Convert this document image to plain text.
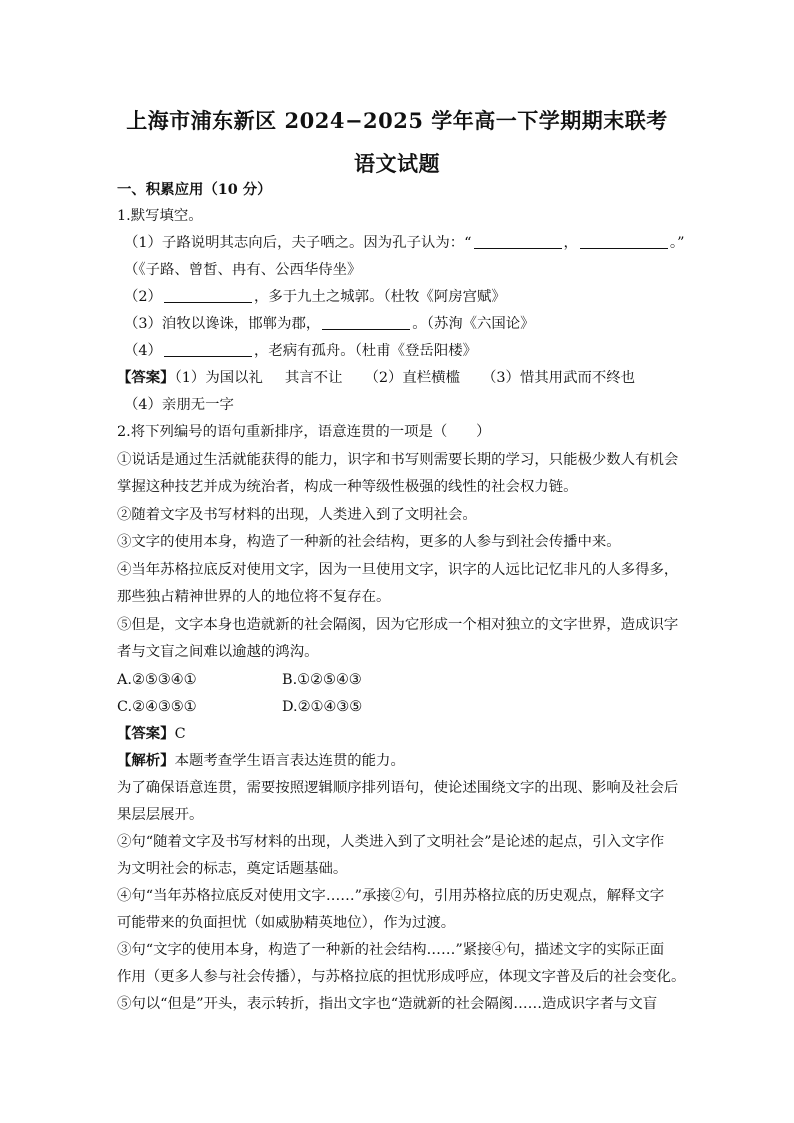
上海市浦东新区 2024−2025 学年高一下学期期末联考
语文试题
一、积累应用（10 分）
1.默写填空。
（1）子路说明其志向后，夫子哂之。因为孔子认为：“	，	。”
（《子路、曾皙、冉有、公西华侍坐》
（2）	，多于九土之城郭。（杜牧《阿房宫赋》
（3）洎牧以谗诛，邯郸为郡，	。（苏洵《六国论》
（4）	，老病有孤舟。（杜甫《登岳阳楼》
【答案】（1）为国以礼 其言不让 （2）直栏横槛 （3）惜其用武而不终也
（4）亲朋无一字
2.将下列编号的语句重新排序，语意连贯的一项是（　　）
①说话是通过生活就能获得的能力，识字和书写则需要长期的学习，只能极少数人有机会
掌握这种技艺并成为统治者，构成一种等级性极强的线性的社会权力链。
②随着文字及书写材料的出现，人类进入到了文明社会。
③文字的使用本身，构造了一种新的社会结构，更多的人参与到社会传播中来。
④当年苏格拉底反对使用文字，因为一旦使用文字，识字的人远比记忆非凡的人多得多，
那些独占精神世界的人的地位将不复存在。
⑤但是，文字本身也造就新的社会隔阂，因为它形成一个相对独立的文字世界，造成识字
者与文盲之间难以逾越的鸿沟。
A.②⑤③④①	B.①②⑤④③
C.②④③⑤①	D.②①④③⑤
【答案】C
【解析】本题考查学生语言表达连贯的能力。
为了确保语意连贯，需要按照逻辑顺序排列语句，使论述围绕文字的出现、影响及社会后
果层层展开。
②句“随着文字及书写材料的出现，人类进入到了文明社会”是论述的起点，引入文字作
为文明社会的标志，奠定话题基础。
④句“当年苏格拉底反对使用文字……”承接②句，引用苏格拉底的历史观点，解释文字
可能带来的负面担忧（如威胁精英地位），作为过渡。
③句“文字的使用本身，构造了一种新的社会结构……”紧接④句，描述文字的实际正面
作用（更多人参与社会传播），与苏格拉底的担忧形成呼应，体现文字普及后的社会变化。
⑤句以“但是”开头，表示转折，指出文字也“造就新的社会隔阂……造成识字者与文盲
